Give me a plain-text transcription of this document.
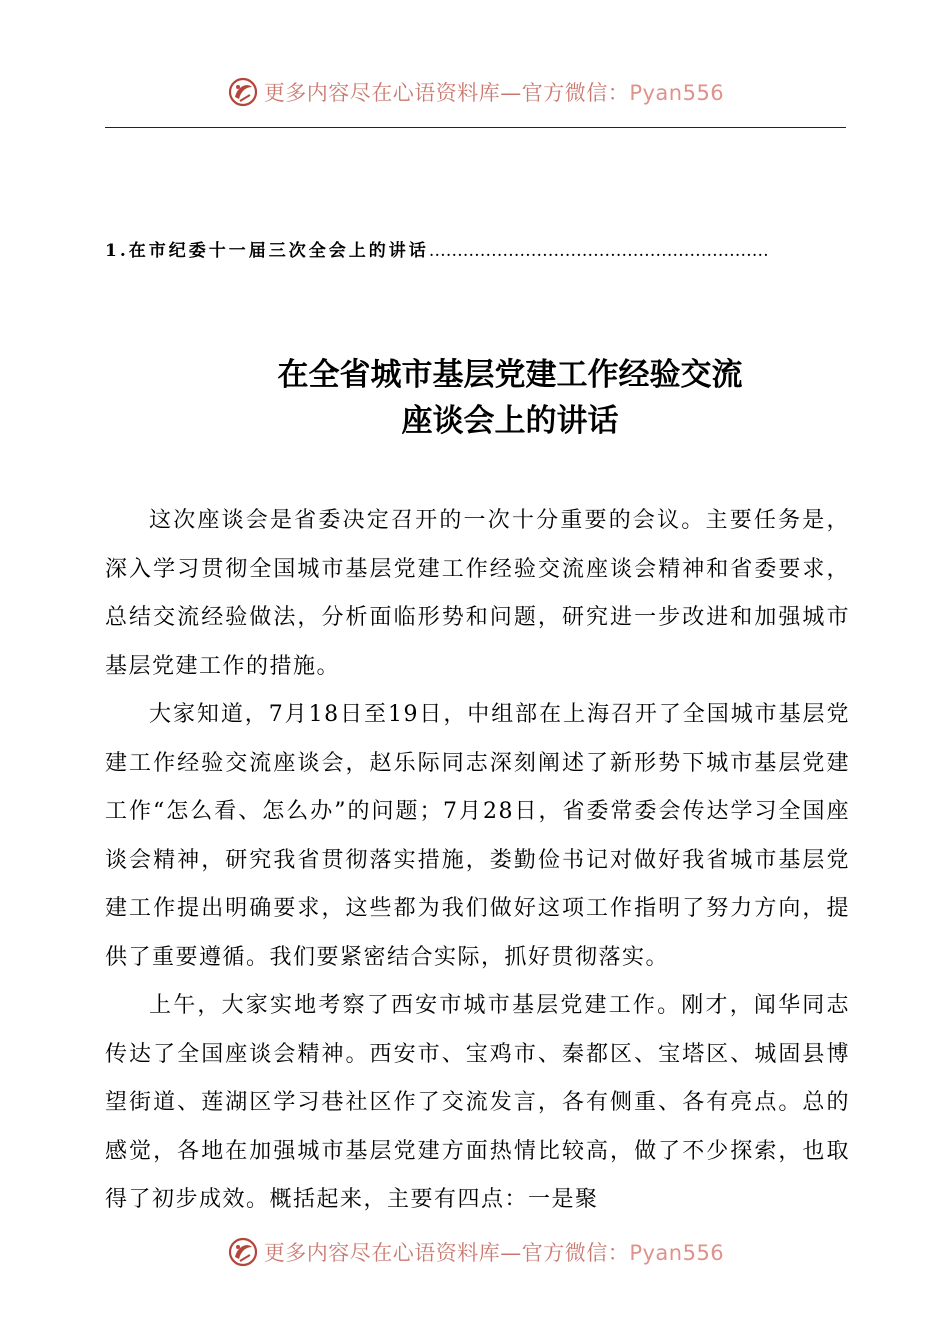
更多内容尽在心语资料库—官方微信：Pyan556
1.在市纪委十一届三次全会上的讲话……………………………………………………
在全省城市基层党建工作经验交流
座谈会上的讲话

这次座谈会是省委决定召开的一次十分重要的会议。主要任务是，深入学习贯彻全国城市基层党建工作经验交流座谈会精神和省委要求，总结交流经验做法，分析面临形势和问题，研究进一步改进和加强城市基层党建工作的措施。

大家知道，7月18日至19日，中组部在上海召开了全国城市基层党建工作经验交流座谈会，赵乐际同志深刻阐述了新形势下城市基层党建工作“怎么看、怎么办”的问题；7月28日，省委常委会传达学习全国座谈会精神，研究我省贯彻落实措施，娄勤俭书记对做好我省城市基层党建工作提出明确要求，这些都为我们做好这项工作指明了努力方向，提供了重要遵循。我们要紧密结合实际，抓好贯彻落实。

上午，大家实地考察了西安市城市基层党建工作。刚才，闻华同志传达了全国座谈会精神。西安市、宝鸡市、秦都区、宝塔区、城固县博望街道、莲湖区学习巷社区作了交流发言，各有侧重、各有亮点。总的感觉，各地在加强城市基层党建方面热情比较高，做了不少探索，也取得了初步成效。概括起来，主要有四点：一是聚

更多内容尽在心语资料库—官方微信：Pyan556
